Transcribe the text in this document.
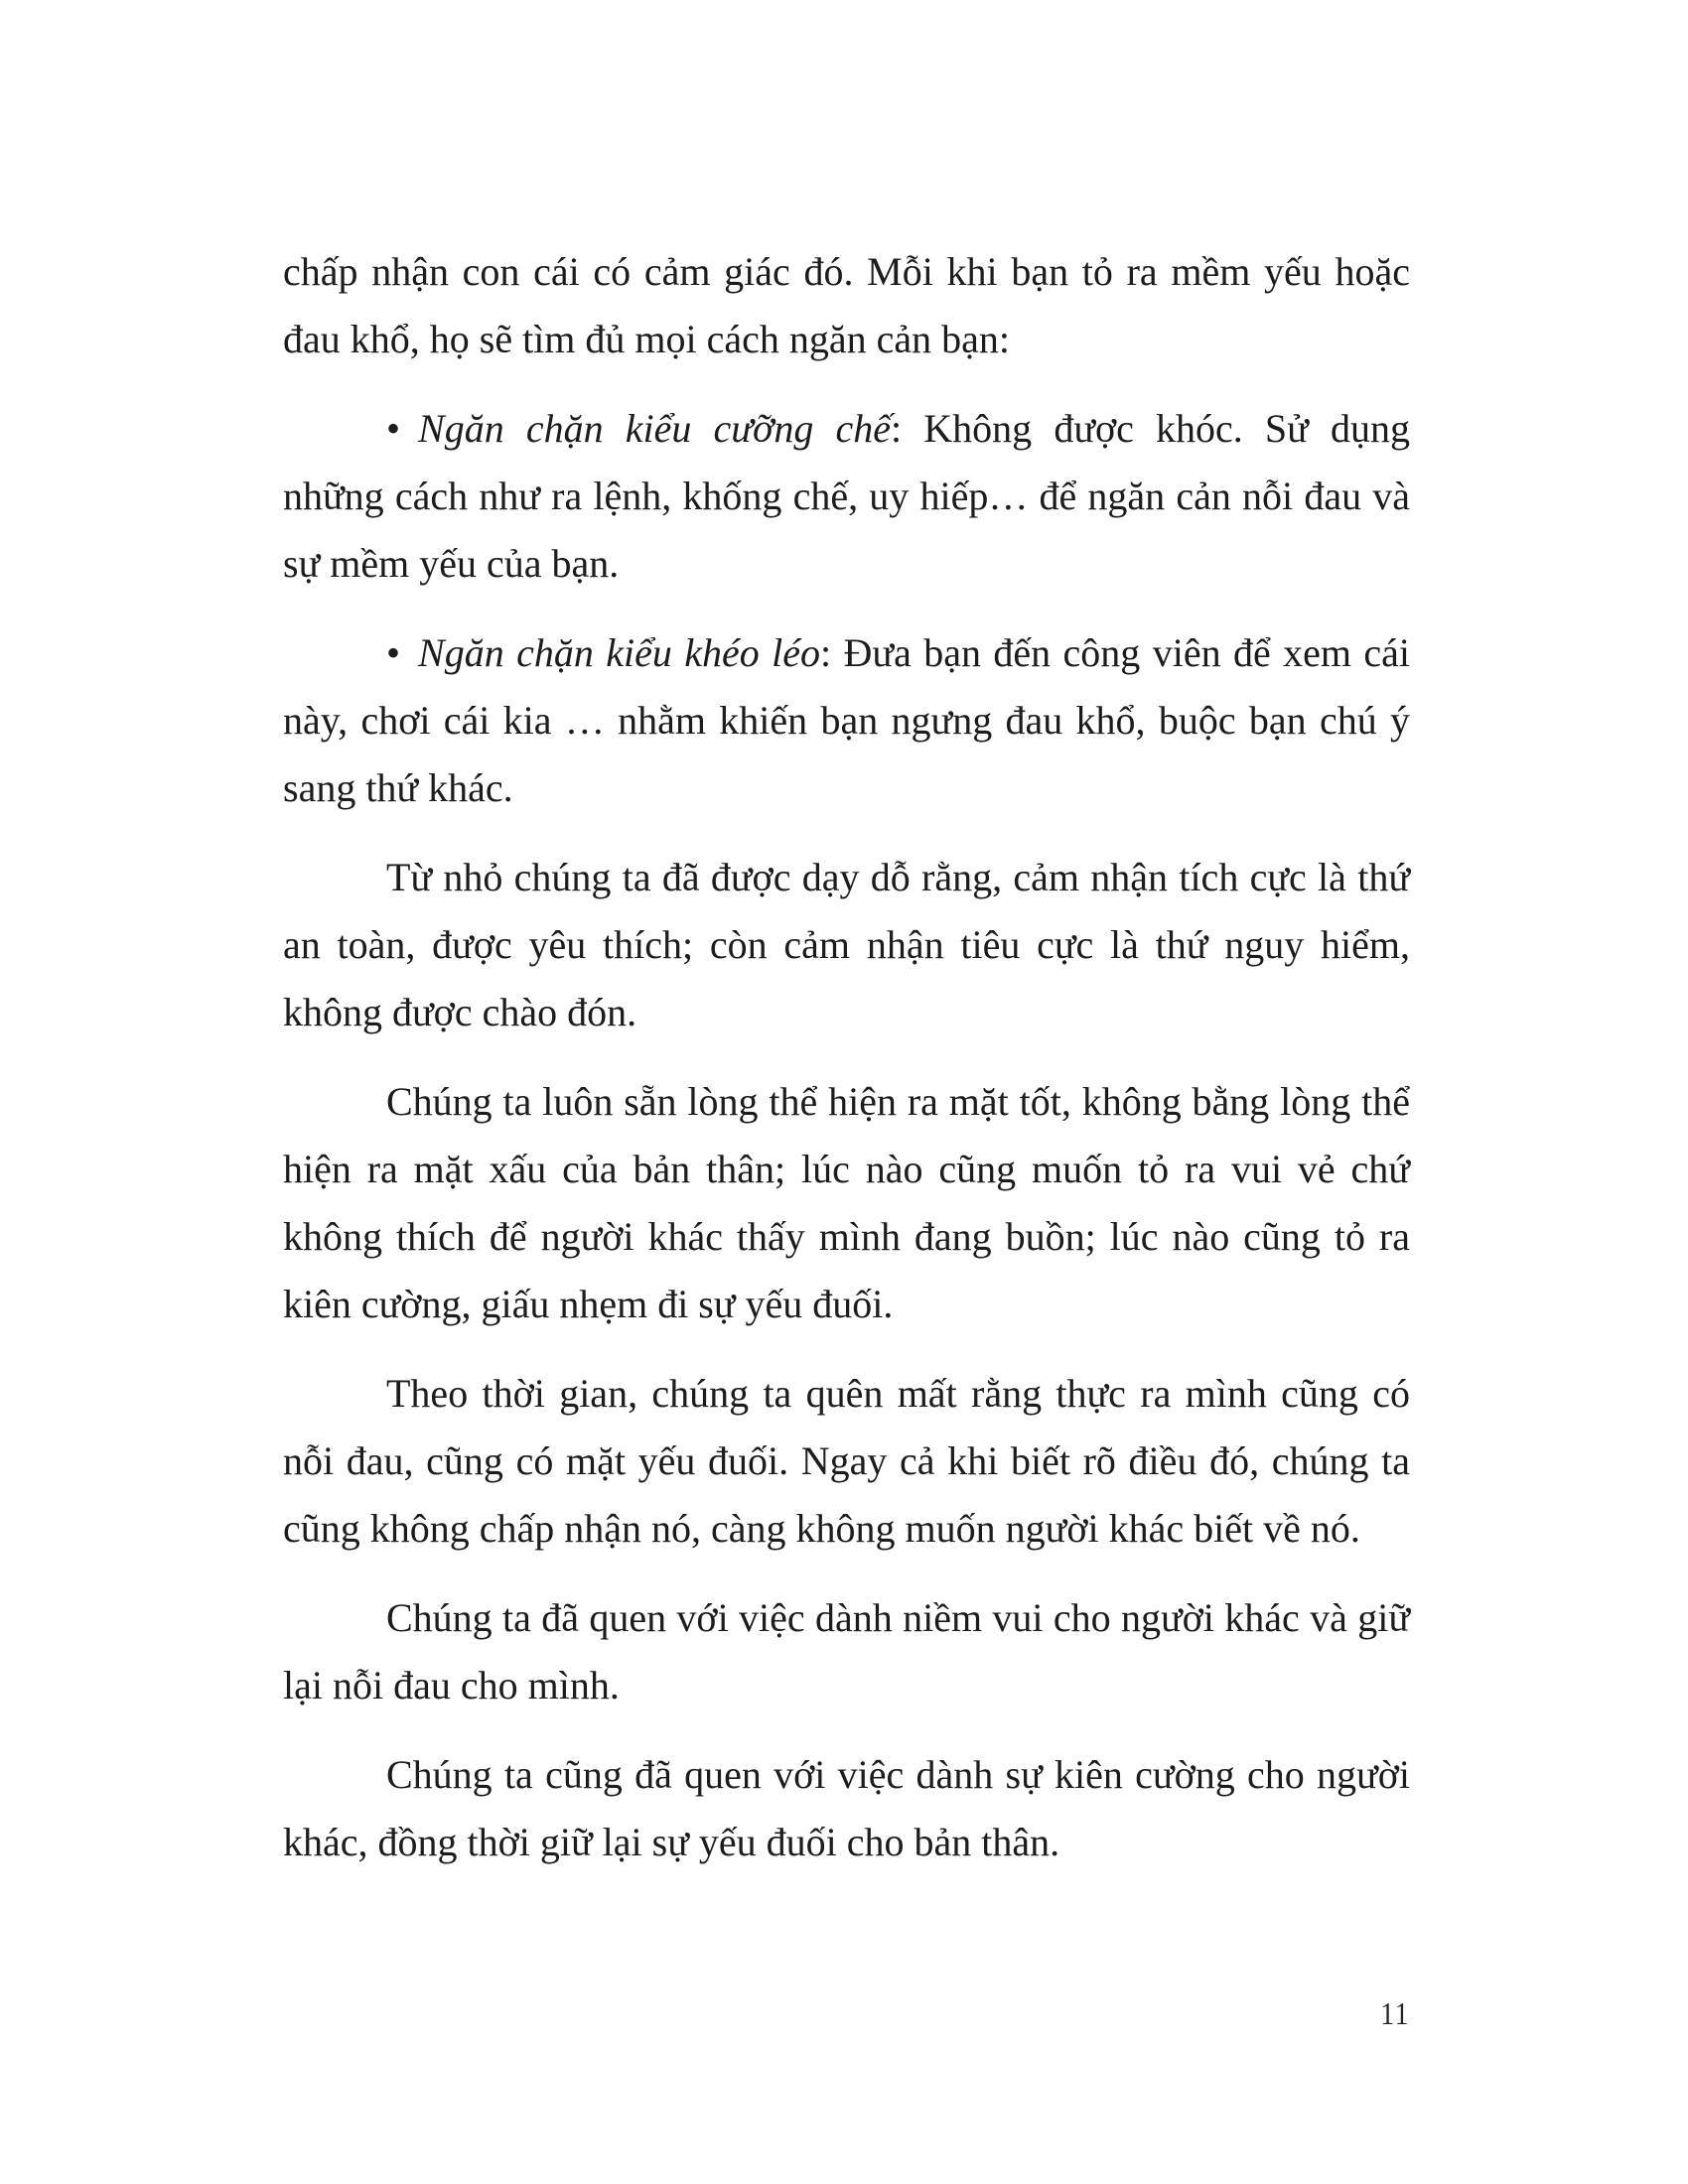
chấp nhận con cái có cảm giác đó. Mỗi khi bạn tỏ ra mềm yếu hoặc đau khổ, họ sẽ tìm đủ mọi cách ngăn cản bạn:

• Ngăn chặn kiểu cưỡng chế: Không được khóc. Sử dụng những cách như ra lệnh, khống chế, uy hiếp… để ngăn cản nỗi đau và sự mềm yếu của bạn.

• Ngăn chặn kiểu khéo léo: Đưa bạn đến công viên để xem cái này, chơi cái kia … nhằm khiến bạn ngưng đau khổ, buộc bạn chú ý sang thứ khác.

Từ nhỏ chúng ta đã được dạy dỗ rằng, cảm nhận tích cực là thứ an toàn, được yêu thích; còn cảm nhận tiêu cực là thứ nguy hiểm, không được chào đón.

Chúng ta luôn sẵn lòng thể hiện ra mặt tốt, không bằng lòng thể hiện ra mặt xấu của bản thân; lúc nào cũng muốn tỏ ra vui vẻ chứ không thích để người khác thấy mình đang buồn; lúc nào cũng tỏ ra kiên cường, giấu nhẹm đi sự yếu đuối.

Theo thời gian, chúng ta quên mất rằng thực ra mình cũng có nỗi đau, cũng có mặt yếu đuối. Ngay cả khi biết rõ điều đó, chúng ta cũng không chấp nhận nó, càng không muốn người khác biết về nó.

Chúng ta đã quen với việc dành niềm vui cho người khác và giữ lại nỗi đau cho mình.

Chúng ta cũng đã quen với việc dành sự kiên cường cho người khác, đồng thời giữ lại sự yếu đuối cho bản thân.

11
